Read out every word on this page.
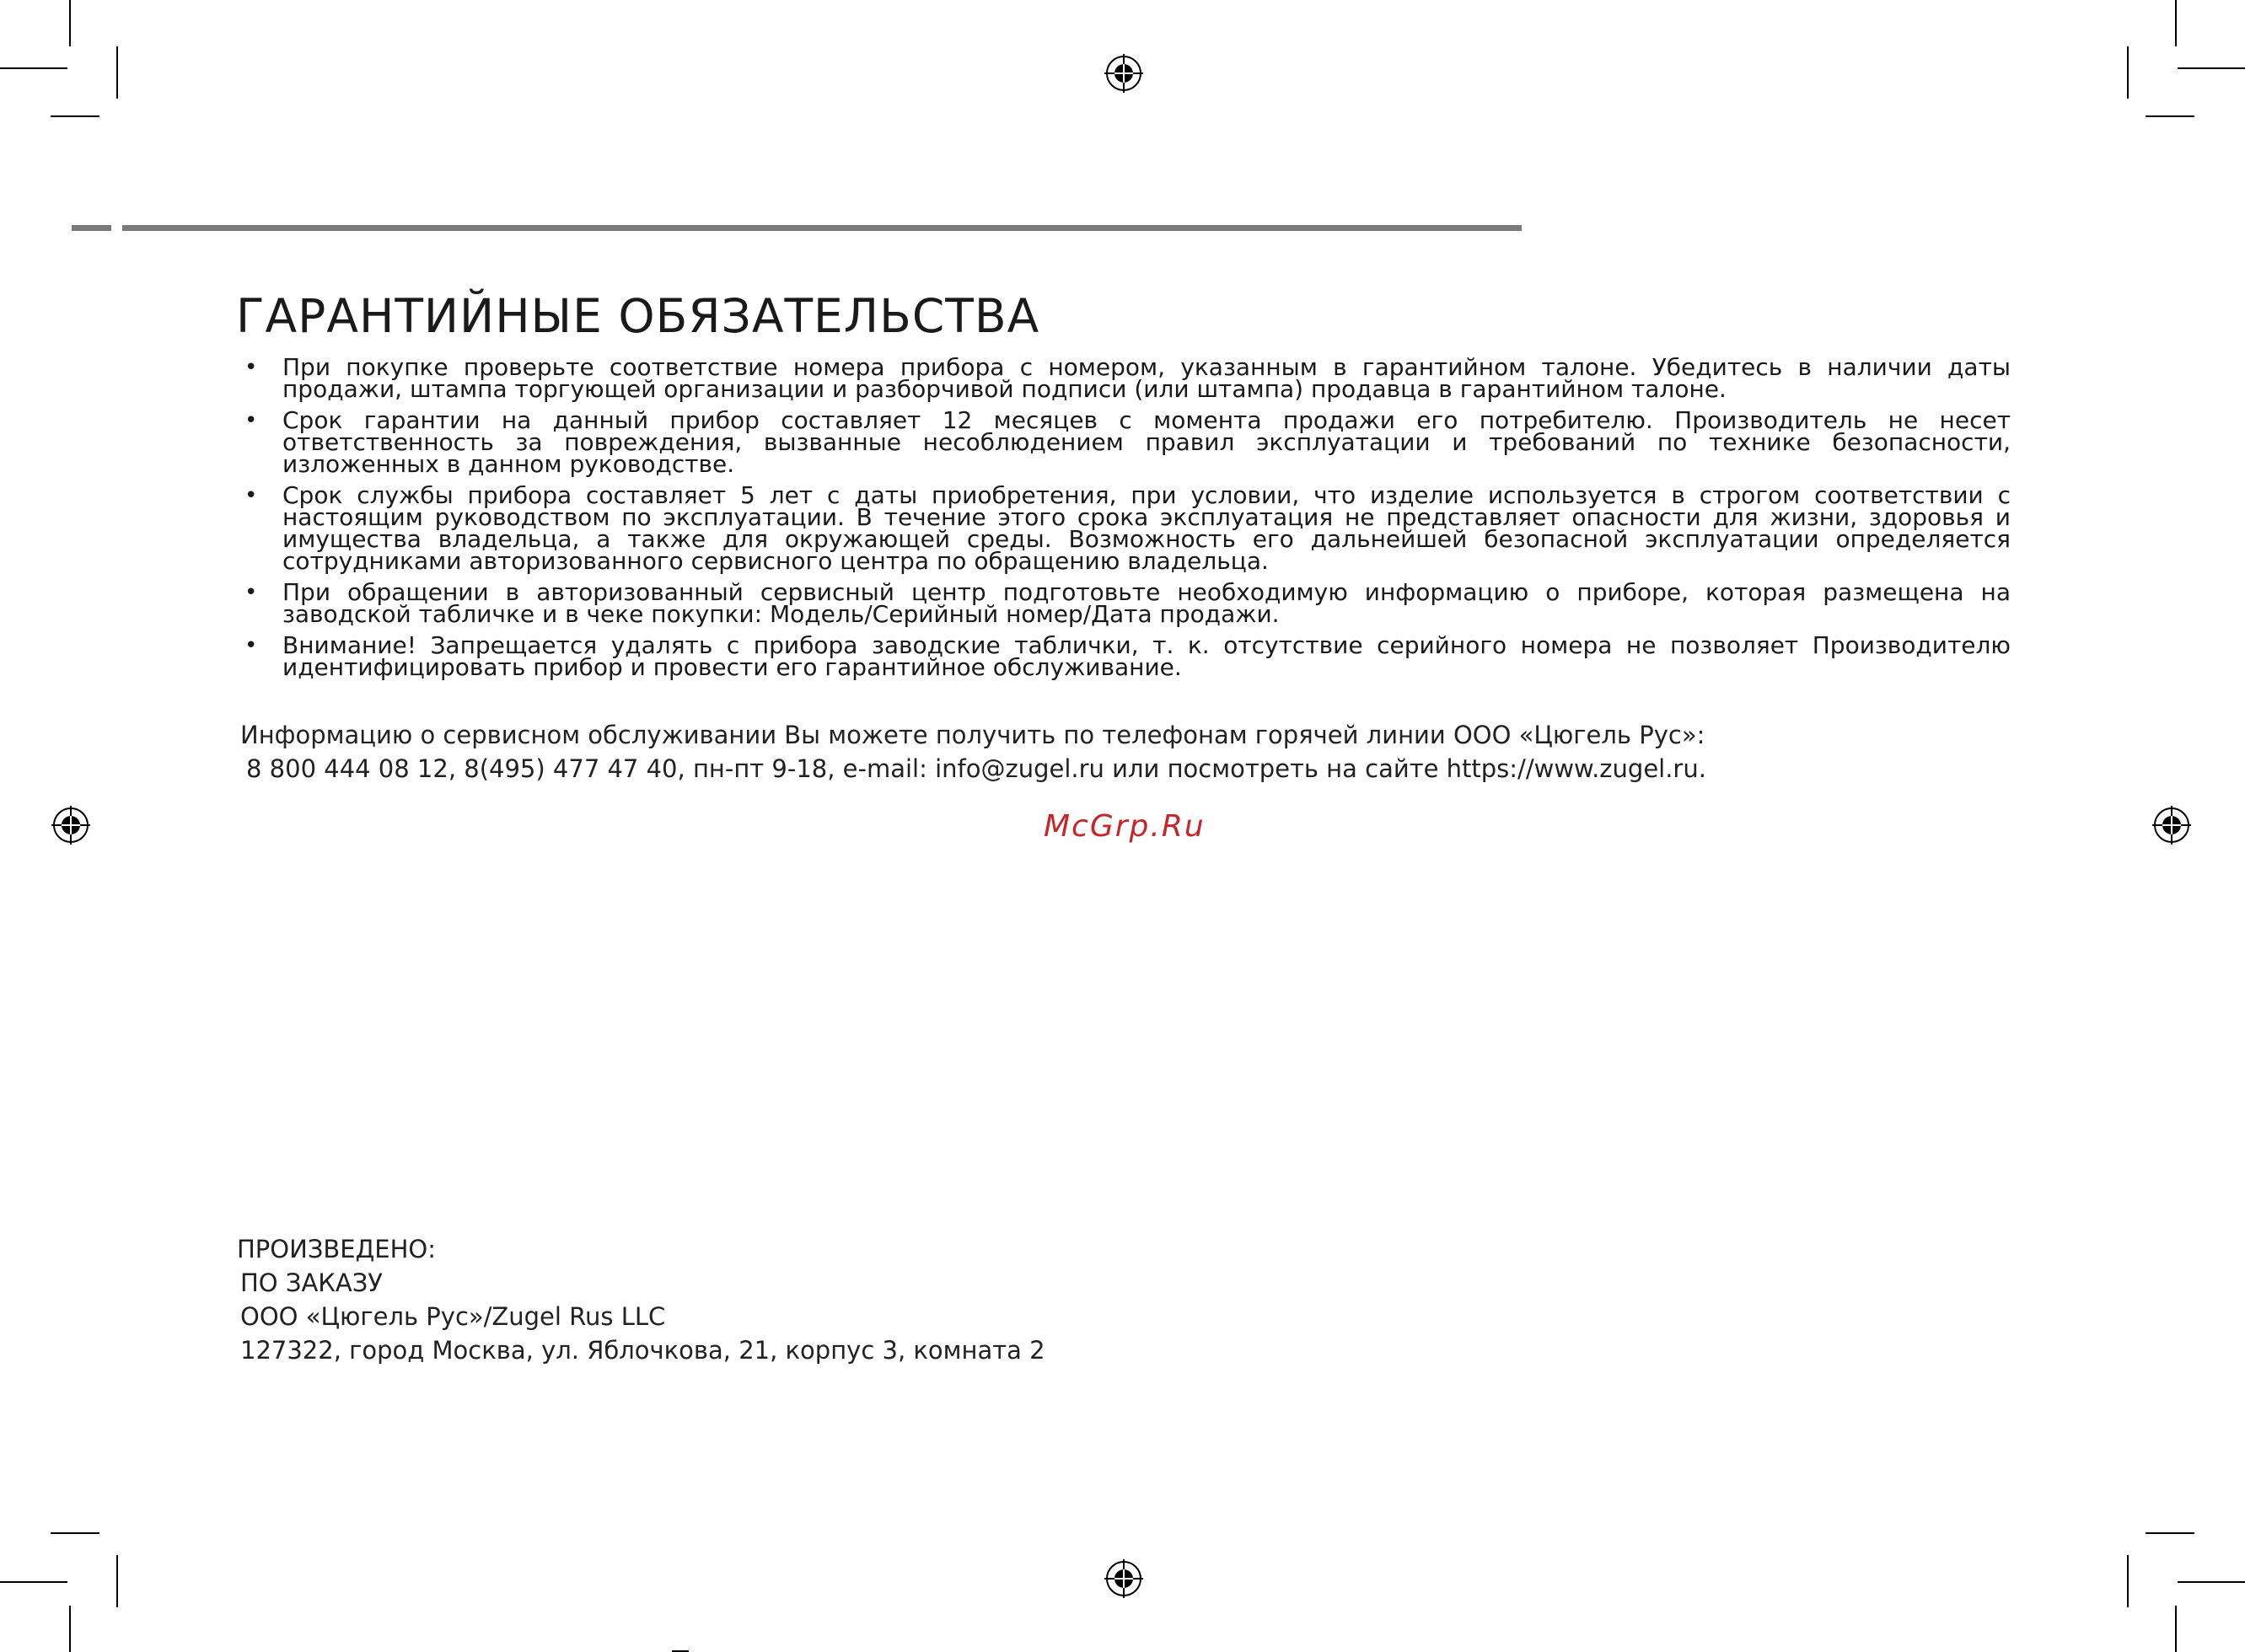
ГАРАНТИЙНЫЕ ОБЯЗАТЕЛЬСТВА
• При покупке проверьте соответствие номера прибора с номером, указанным в гарантийном талоне. Убедитесь в наличии даты продажи, штампа торгующей организации и разборчивой подписи (или штампа) продавца в гарантийном талоне.
• Срок гарантии на данный прибор составляет 12 месяцев с момента продажи его потребителю. Производитель не несет ответственность за повреждения, вызванные несоблюдением правил эксплуатации и требований по технике безопасности, изложенных в данном руководстве.
• Срок службы прибора составляет 5 лет с даты приобретения, при условии, что изделие используется в строгом соответствии с настоящим руководством по эксплуатации. В течение этого срока эксплуатация не представляет опасности для жизни, здоровья и имущества владельца, а также для окружающей среды. Возможность его дальнейшей безопасной эксплуатации определяется сотрудниками авторизованного сервисного центра по обращению владельца.
• При обращении в авторизованный сервисный центр подготовьте необходимую информацию о приборе, которая размещена на заводской табличке и в чеке покупки: Модель/Серийный номер/Дата продажи.
• Внимание! Запрещается удалять с прибора заводские таблички, т. к. отсутствие серийного номера не позволяет Производителю идентифицировать прибор и провести его гарантийное обслуживание.
Информацию о сервисном обслуживании Вы можете получить по телефонам горячей линии ООО «Цюгель Рус»:
8 800 444 08 12, 8(495) 477 47 40, пн-пт 9-18, e-mail: info@zugel.ru или посмотреть на сайте https://www.zugel.ru.
McGrp.Ru
ПРОИЗВЕДЕНО:
ПО ЗАКАЗУ
ООО «Цюгель Рус»/Zugel Rus LLC
127322, город Москва, ул. Яблочкова, 21, корпус 3, комната 2
